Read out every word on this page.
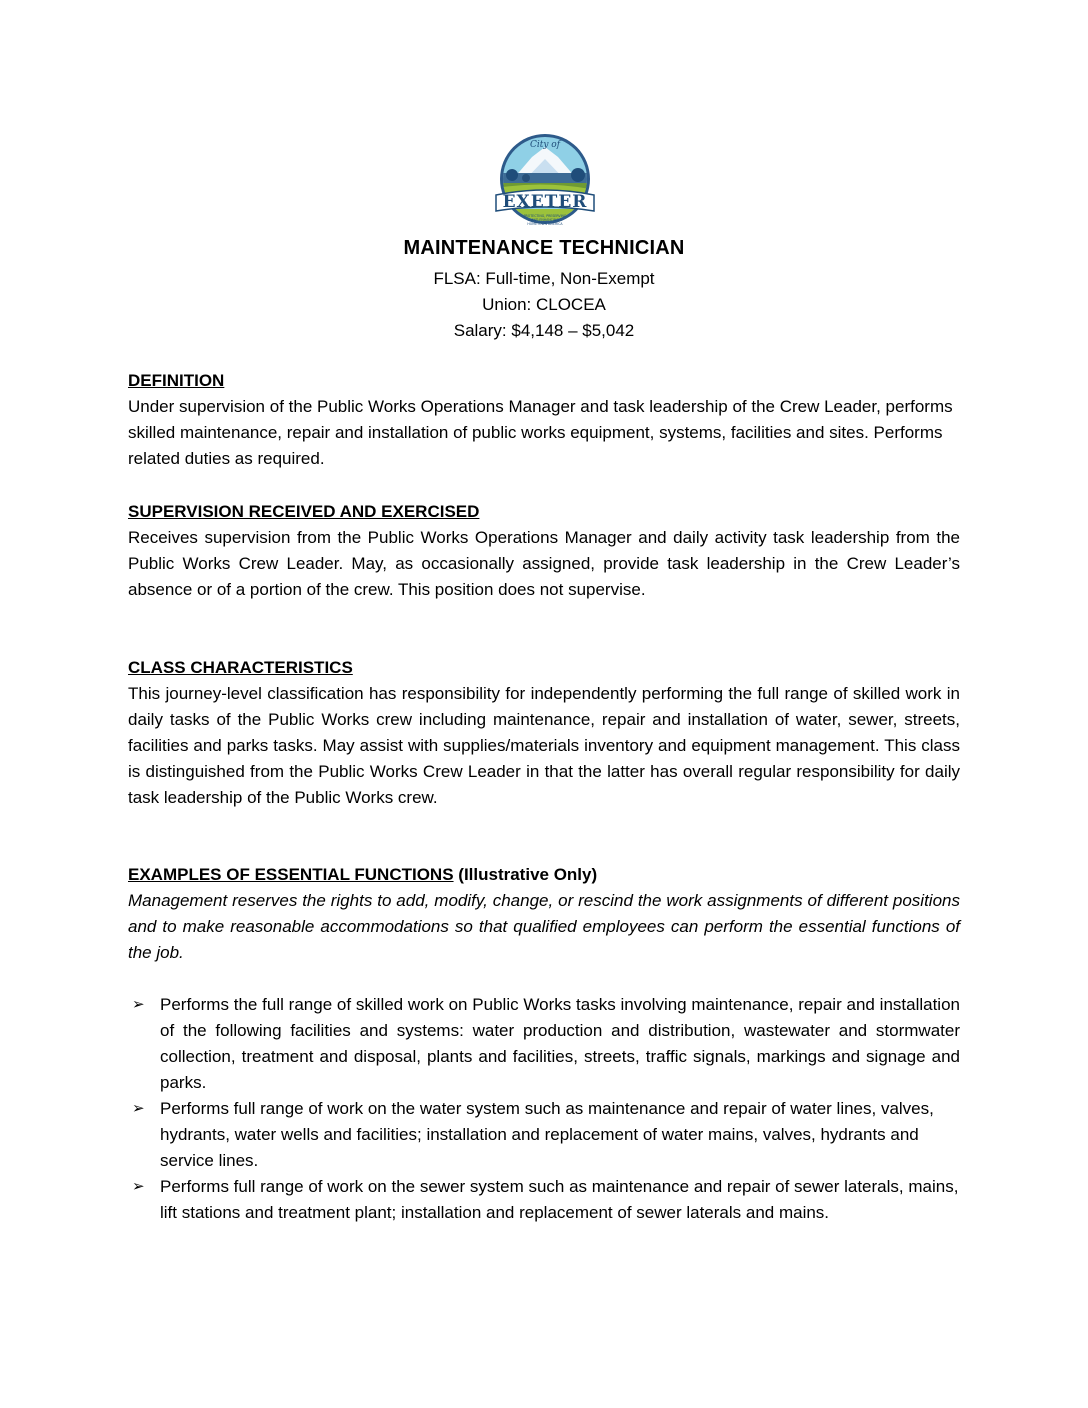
City of
EXETER
PROTECTING, PRESERVING
AND ENHANCING
HOMETOWN AMERICA
MAINTENANCE TECHNICIAN
FLSA: Full-time, Non-Exempt
Union: CLOCEA
Salary: $4,148 – $5,042
DEFINITION

Under supervision of the Public Works Operations Manager and task leadership of the Crew Leader, performs skilled maintenance, repair and installation of public works equipment, systems, facilities and sites. Performs related duties as required.

SUPERVISION RECEIVED AND EXERCISED

Receives supervision from the Public Works Operations Manager and daily activity task leadership from the Public Works Crew Leader. May, as occasionally assigned, provide task leadership in the Crew Leader’s absence or of a portion of the crew. This position does not supervise.

CLASS CHARACTERISTICS

This journey-level classification has responsibility for independently performing the full range of skilled work in daily tasks of the Public Works crew including maintenance, repair and installation of water, sewer, streets, facilities and parks tasks. May assist with supplies/materials inventory and equipment management. This class is distinguished from the Public Works Crew Leader in that the latter has overall regular responsibility for daily task leadership of the Public Works crew.

EXAMPLES OF ESSENTIAL FUNCTIONS (Illustrative Only)

Management reserves the rights to add, modify, change, or rescind the work assignments of different positions and to make reasonable accommodations so that qualified employees can perform the essential functions of the job.

➢ Performs the full range of skilled work on Public Works tasks involving maintenance, repair and installation of the following facilities and systems: water production and distribution, wastewater and stormwater collection, treatment and disposal, plants and facilities, streets, traffic signals, markings and signage and parks.
➢ Performs full range of work on the water system such as maintenance and repair of water lines, valves, hydrants, water wells and facilities; installation and replacement of water mains, valves, hydrants and service lines.
➢ Performs full range of work on the sewer system such as maintenance and repair of sewer laterals, mains, lift stations and treatment plant; installation and replacement of sewer laterals and mains.
